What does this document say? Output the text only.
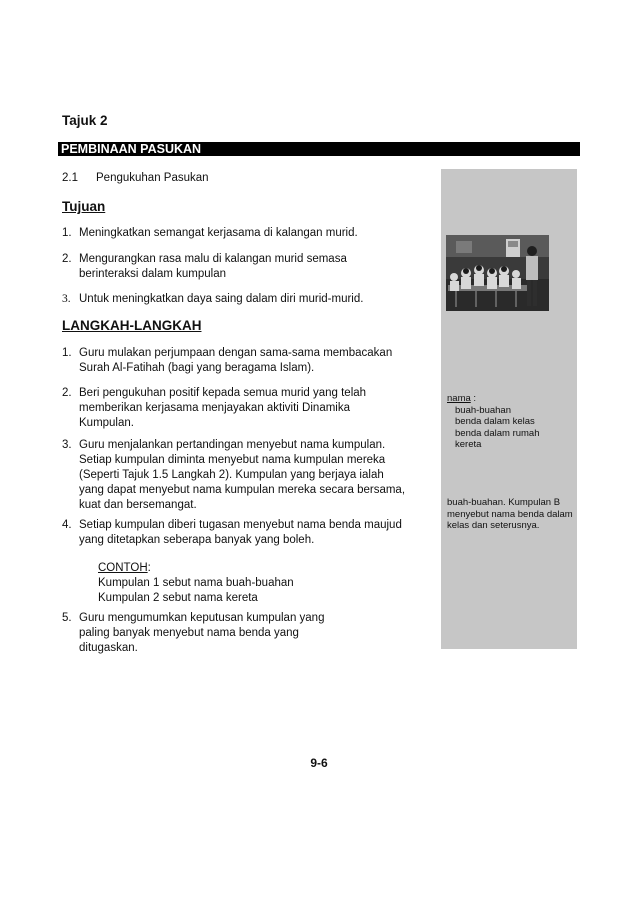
Tajuk 2
PEMBINAAN PASUKAN
2.1 Pengukuhan Pasukan
Tujuan
1. Meningkatkan semangat kerjasama di kalangan murid.
2. Mengurangkan rasa malu di kalangan murid semasa
berinteraksi dalam kumpulan
3. Untuk meningkatkan daya saing dalam diri murid-murid.
LANGKAH-LANGKAH
1. Guru mulakan perjumpaan dengan sama-sama membacakan
Surah Al-Fatihah (bagi yang beragama Islam).
2. Beri pengukuhan positif kepada semua murid yang telah
memberikan kerjasama menjayakan aktiviti Dinamika
Kumpulan.
3. Guru menjalankan pertandingan menyebut nama kumpulan.
Setiap kumpulan diminta menyebut nama kumpulan mereka
(Seperti Tajuk 1.5 Langkah 2). Kumpulan yang berjaya ialah
yang dapat menyebut nama kumpulan mereka secara bersama,
kuat dan bersemangat.
4. Setiap kumpulan diberi tugasan menyebut nama benda maujud
yang ditetapkan seberapa banyak yang boleh.
CONTOH:
Kumpulan 1 sebut nama buah-buahan
Kumpulan 2 sebut nama kereta
5. Guru mengumumkan keputusan kumpulan yang
paling banyak menyebut nama benda yang
ditugaskan.
nama :
buah-buahan
benda dalam kelas
benda dalam rumah
kereta
buah-buahan. Kumpulan B
menyebut nama benda dalam
kelas dan seterusnya.
9-6
